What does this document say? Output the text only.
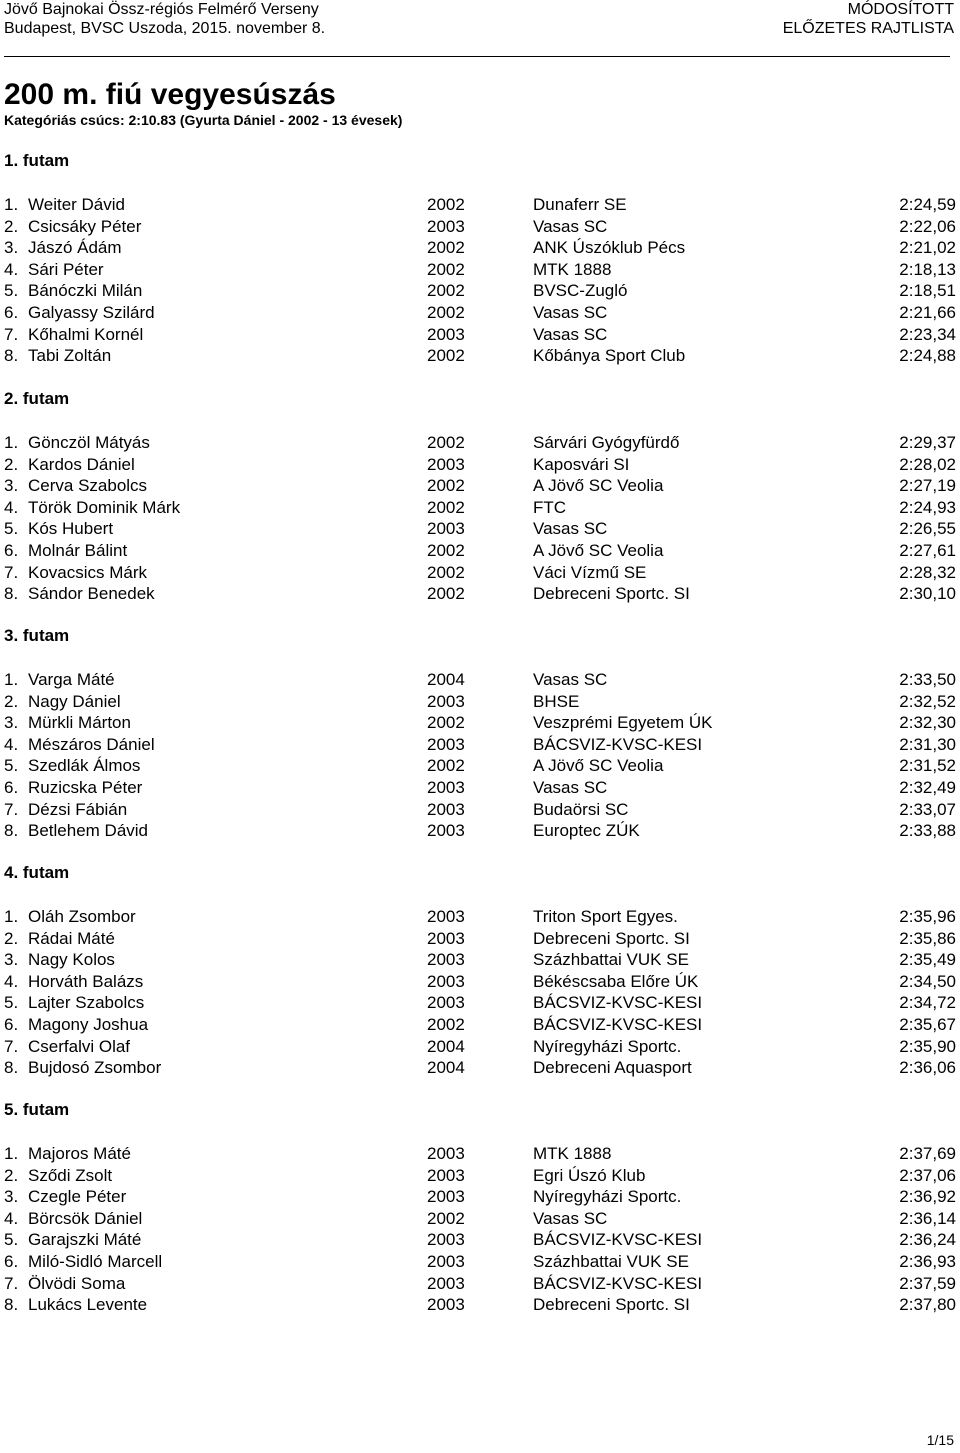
Jövő Bajnokai Össz-régiós Felmérő Verseny
Budapest, BVSC Uszoda, 2015. november 8.
MÓDOSÍTOTT
ELŐZETES RAJTLISTA
200 m. fiú vegyesúszás
Kategóriás csúcs: 2:10.83 (Gyurta Dániel - 2002 - 13 évesek)
1. futam
1. Weiter Dávid	2002	Dunaferr SE	2:24,59
2. Csicsáky Péter	2003	Vasas SC	2:22,06
3. Jászó Ádám	2002	ANK Úszóklub Pécs	2:21,02
4. Sári Péter	2002	MTK 1888	2:18,13
5. Bánóczki Milán	2002	BVSC-Zugló	2:18,51
6. Galyassy Szilárd	2002	Vasas SC	2:21,66
7. Kőhalmi Kornél	2003	Vasas SC	2:23,34
8. Tabi Zoltán	2002	Kőbánya Sport Club	2:24,88
2. futam
1. Gönczöl Mátyás	2002	Sárvári Gyógyfürdő	2:29,37
2. Kardos Dániel	2003	Kaposvári SI	2:28,02
3. Cerva Szabolcs	2002	A Jövő SC Veolia	2:27,19
4. Török Dominik Márk	2002	FTC	2:24,93
5. Kós Hubert	2003	Vasas SC	2:26,55
6. Molnár Bálint	2002	A Jövő SC Veolia	2:27,61
7. Kovacsics Márk	2002	Váci Vízmű SE	2:28,32
8. Sándor Benedek	2002	Debreceni Sportc. SI	2:30,10
3. futam
1. Varga Máté	2004	Vasas SC	2:33,50
2. Nagy Dániel	2003	BHSE	2:32,52
3. Mürkli Márton	2002	Veszprémi Egyetem ÚK	2:32,30
4. Mészáros Dániel	2003	BÁCSVIZ-KVSC-KESI	2:31,30
5. Szedlák Álmos	2002	A Jövő SC Veolia	2:31,52
6. Ruzicska Péter	2003	Vasas SC	2:32,49
7. Dézsi Fábián	2003	Budaörsi SC	2:33,07
8. Betlehem Dávid	2003	Europtec ZÚK	2:33,88
4. futam
1. Oláh Zsombor	2003	Triton Sport Egyes.	2:35,96
2. Rádai Máté	2003	Debreceni Sportc. SI	2:35,86
3. Nagy Kolos	2003	Százhbattai VUK SE	2:35,49
4. Horváth Balázs	2003	Békéscsaba Előre ÚK	2:34,50
5. Lajter Szabolcs	2003	BÁCSVIZ-KVSC-KESI	2:34,72
6. Magony Joshua	2002	BÁCSVIZ-KVSC-KESI	2:35,67
7. Cserfalvi Olaf	2004	Nyíregyházi Sportc.	2:35,90
8. Bujdosó Zsombor	2004	Debreceni Aquasport	2:36,06
5. futam
1. Majoros Máté	2003	MTK 1888	2:37,69
2. Sződi Zsolt	2003	Egri Úszó Klub	2:37,06
3. Czegle Péter	2003	Nyíregyházi Sportc.	2:36,92
4. Börcsök Dániel	2002	Vasas SC	2:36,14
5. Garajszki Máté	2003	BÁCSVIZ-KVSC-KESI	2:36,24
6. Miló-Sidló Marcell	2003	Százhbattai VUK SE	2:36,93
7. Ölvödi Soma	2003	BÁCSVIZ-KVSC-KESI	2:37,59
8. Lukács Levente	2003	Debreceni Sportc. SI	2:37,80
1/15
